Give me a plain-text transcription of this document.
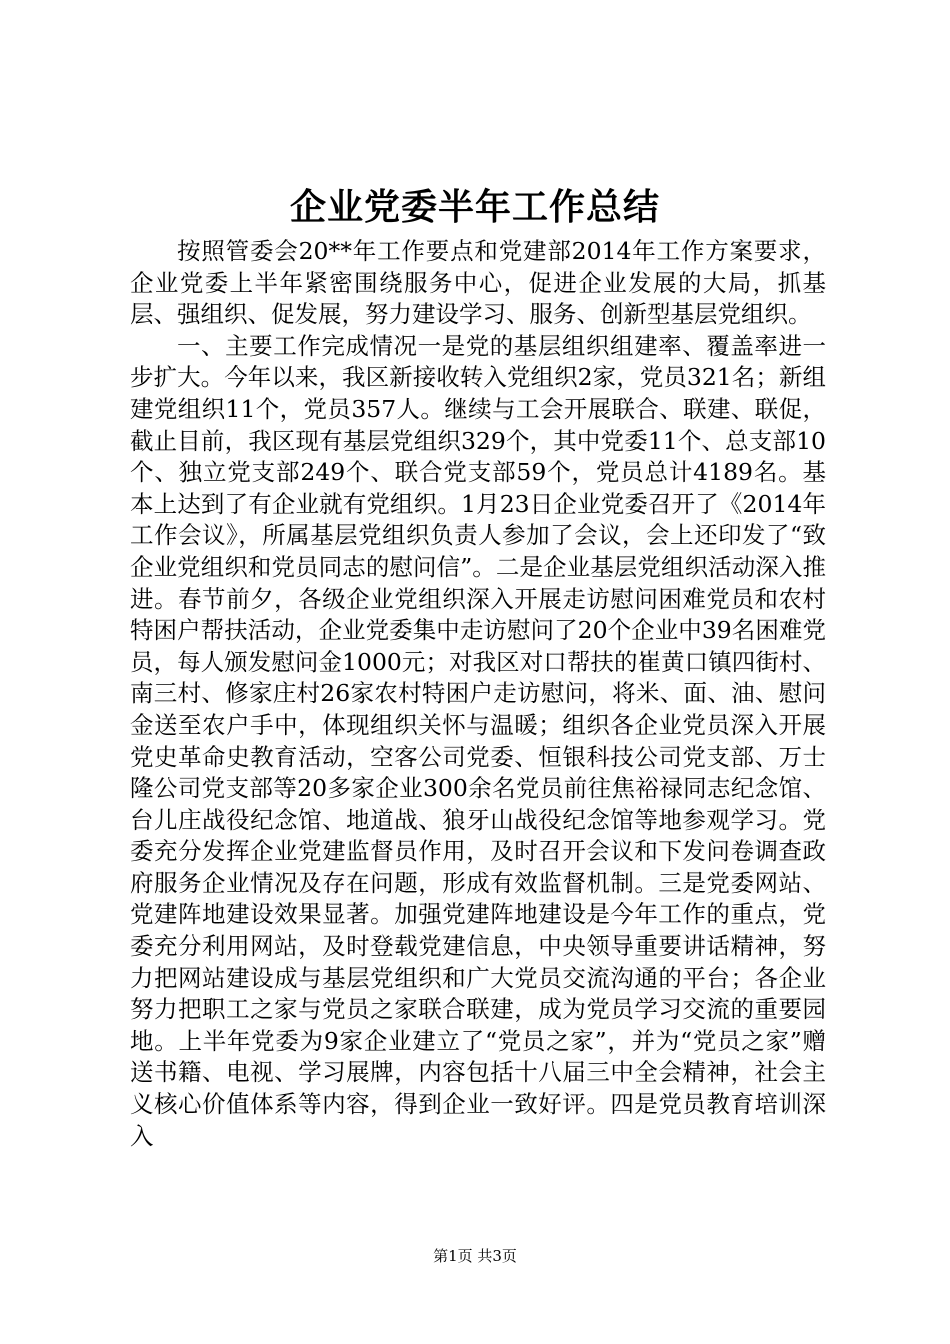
企业党委半年工作总结

按照管委会20**年工作要点和党建部2014年工作方案要求，企业党委上半年紧密围绕服务中心，促进企业发展的大局，抓基层、强组织、促发展，努力建设学习、服务、创新型基层党组织。

一、主要工作完成情况一是党的基层组织组建率、覆盖率进一步扩大。今年以来，我区新接收转入党组织2家，党员321名；新组建党组织11个，党员357人。继续与工会开展联合、联建、联促，截止目前，我区现有基层党组织329个，其中党委11个、总支部10个、独立党支部249个、联合党支部59个，党员总计4189名。基本上达到了有企业就有党组织。1月23日企业党委召开了《2014年工作会议》，所属基层党组织负责人参加了会议，会上还印发了“致企业党组织和党员同志的慰问信”。二是企业基层党组织活动深入推进。春节前夕，各级企业党组织深入开展走访慰问困难党员和农村特困户帮扶活动，企业党委集中走访慰问了20个企业中39名困难党员，每人颁发慰问金1000元；对我区对口帮扶的崔黄口镇四街村、南三村、修家庄村26家农村特困户走访慰问，将米、面、油、慰问金送至农户手中，体现组织关怀与温暖；组织各企业党员深入开展党史革命史教育活动，空客公司党委、恒银科技公司党支部、万士隆公司党支部等20多家企业300余名党员前往焦裕禄同志纪念馆、台儿庄战役纪念馆、地道战、狼牙山战役纪念馆等地参观学习。党委充分发挥企业党建监督员作用，及时召开会议和下发问卷调查政府服务企业情况及存在问题，形成有效监督机制。三是党委网站、党建阵地建设效果显著。加强党建阵地建设是今年工作的重点，党委充分利用网站，及时登载党建信息，中央领导重要讲话精神，努力把网站建设成与基层党组织和广大党员交流沟通的平台；各企业努力把职工之家与党员之家联合联建，成为党员学习交流的重要园地。上半年党委为9家企业建立了“党员之家”，并为“党员之家”赠送书籍、电视、学习展牌，内容包括十八届三中全会精神，社会主义核心价值体系等内容，得到企业一致好评。四是党员教育培训深入

第1页 共3页
